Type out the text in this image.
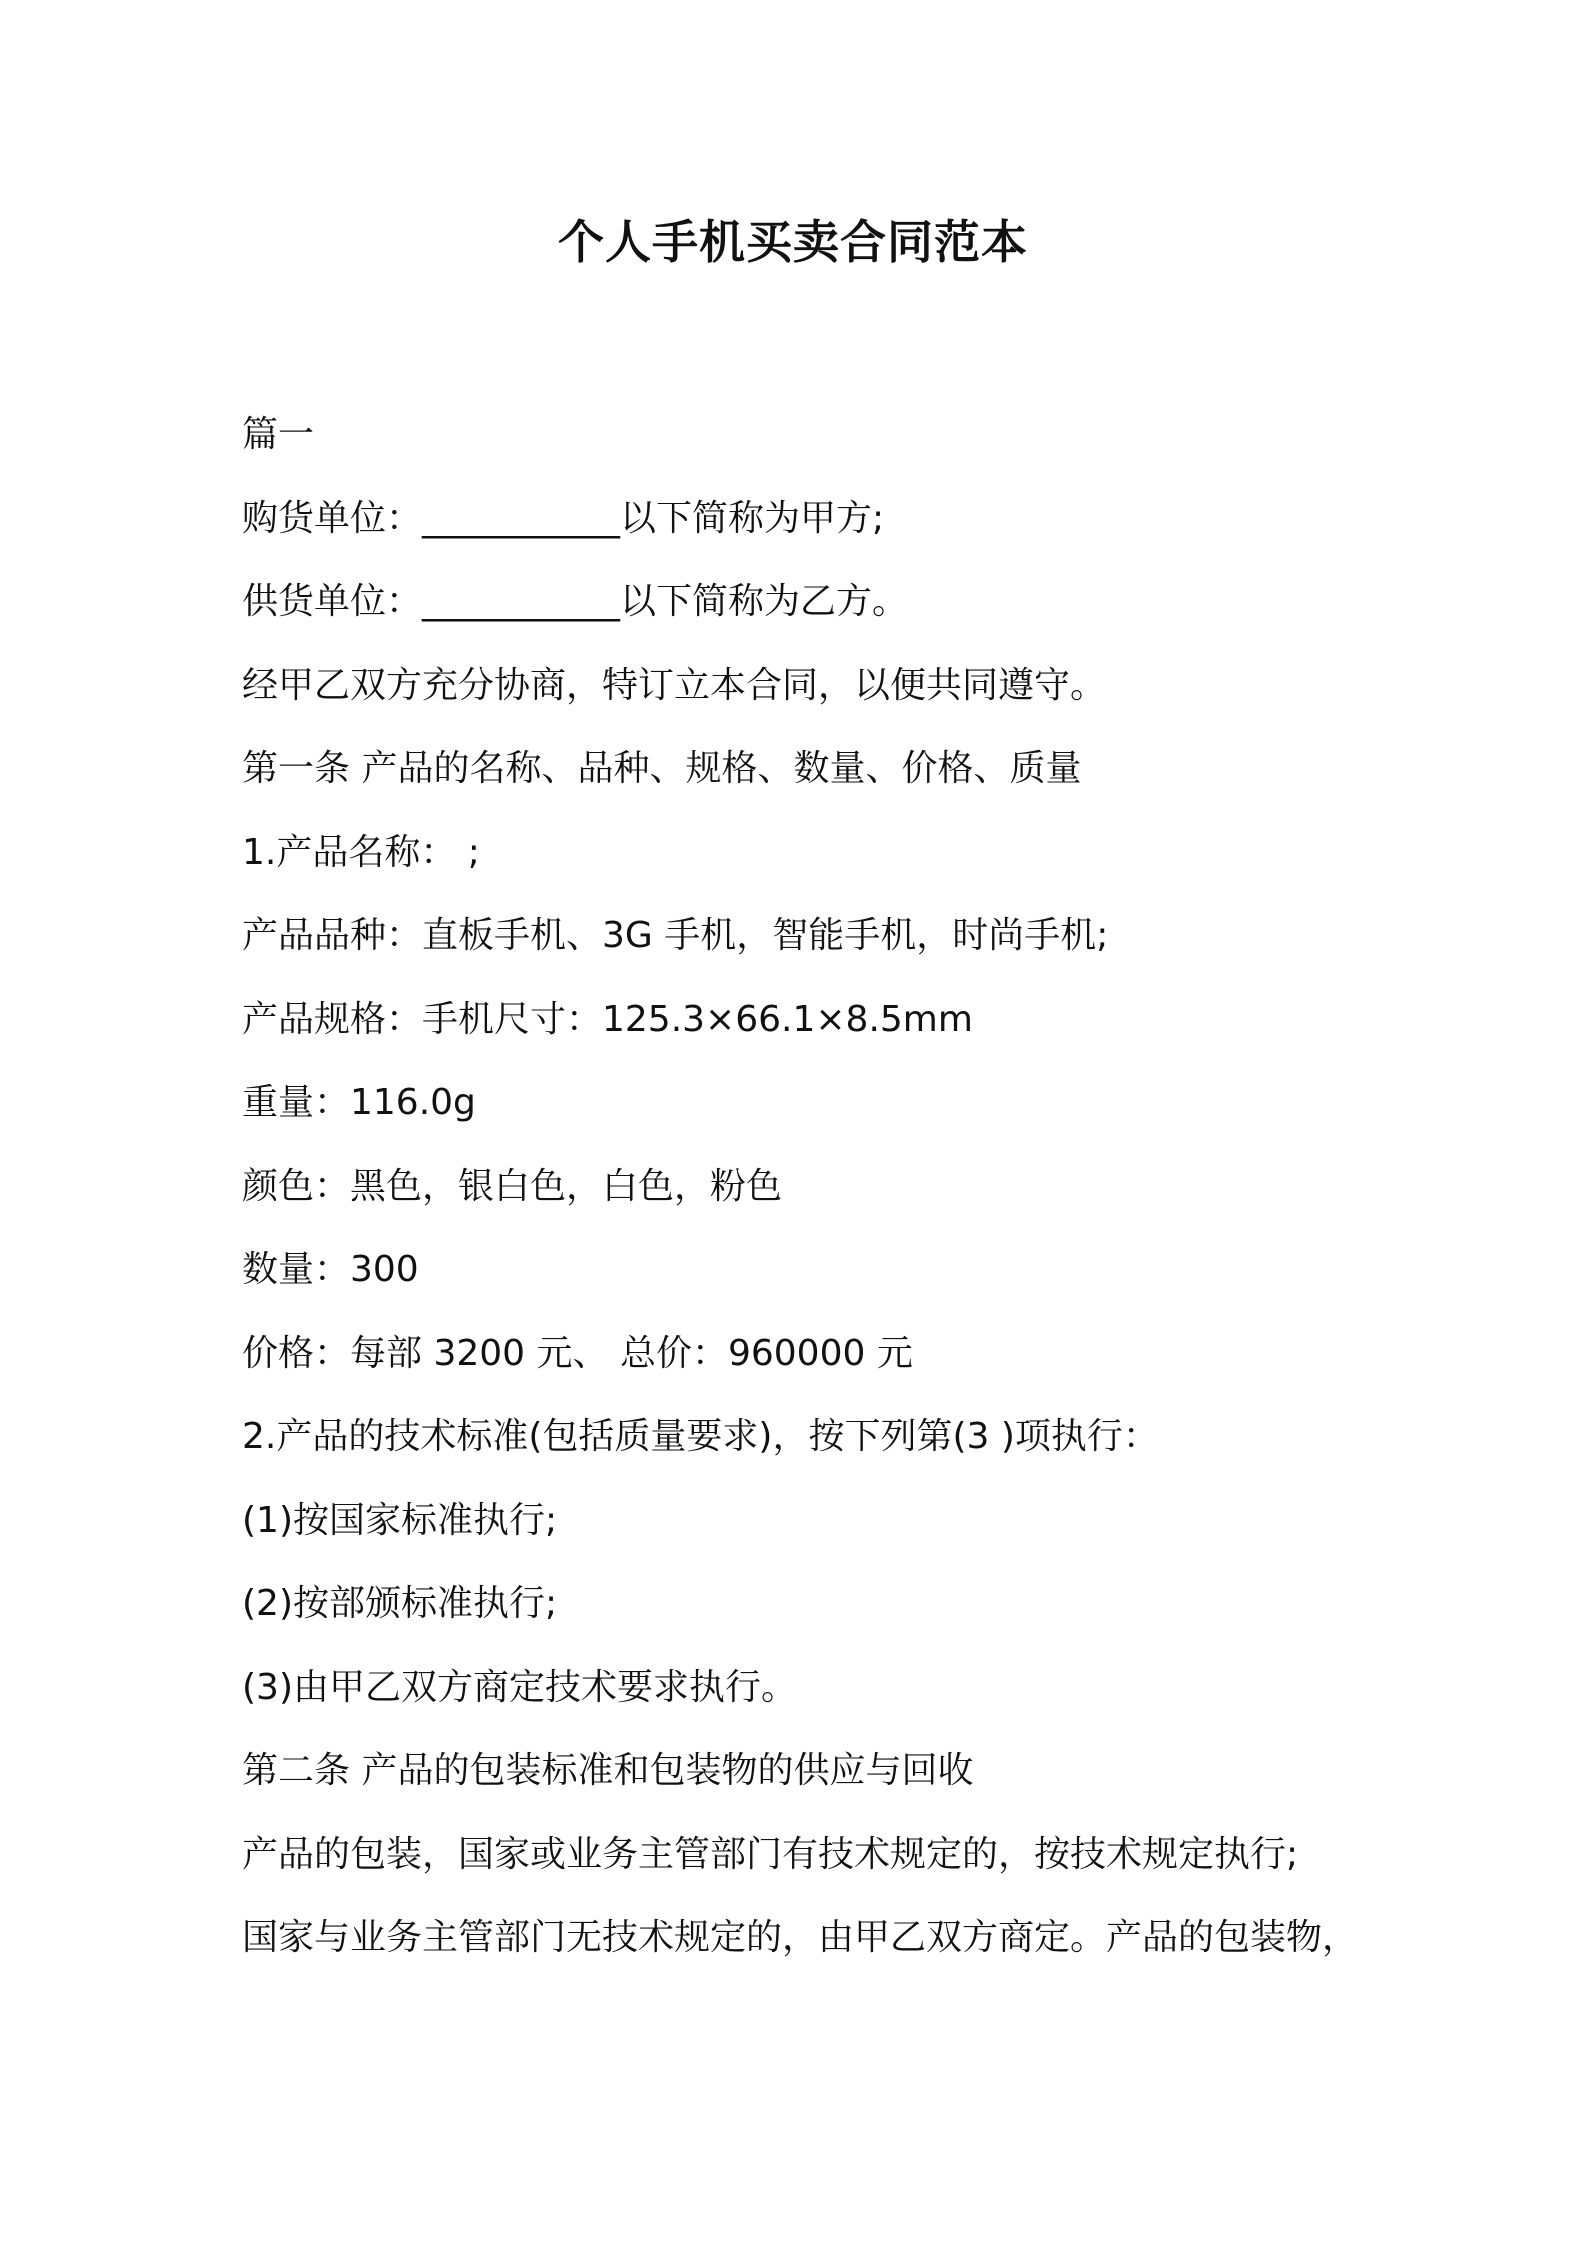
个人手机买卖合同范本
篇一
购货单位：___________以下简称为甲方;
供货单位：___________以下简称为乙方。
经甲乙双方充分协商，特订立本合同，以便共同遵守。
第一条 产品的名称、品种、规格、数量、价格、质量
1.产品名称： ;
产品品种：直板手机、3G 手机，智能手机，时尚手机;
产品规格：手机尺寸：125.3×66.1×8.5mm
重量：116.0g
颜色：黑色，银白色，白色，粉色
数量：300
价格：每部 3200 元、 总价：960000 元
2.产品的技术标准(包括质量要求)，按下列第(3 )项执行：
(1)按国家标准执行;
(2)按部颁标准执行;
(3)由甲乙双方商定技术要求执行。
第二条 产品的包装标准和包装物的供应与回收
产品的包装，国家或业务主管部门有技术规定的，按技术规定执行;
国家与业务主管部门无技术规定的，由甲乙双方商定。产品的包装物，
